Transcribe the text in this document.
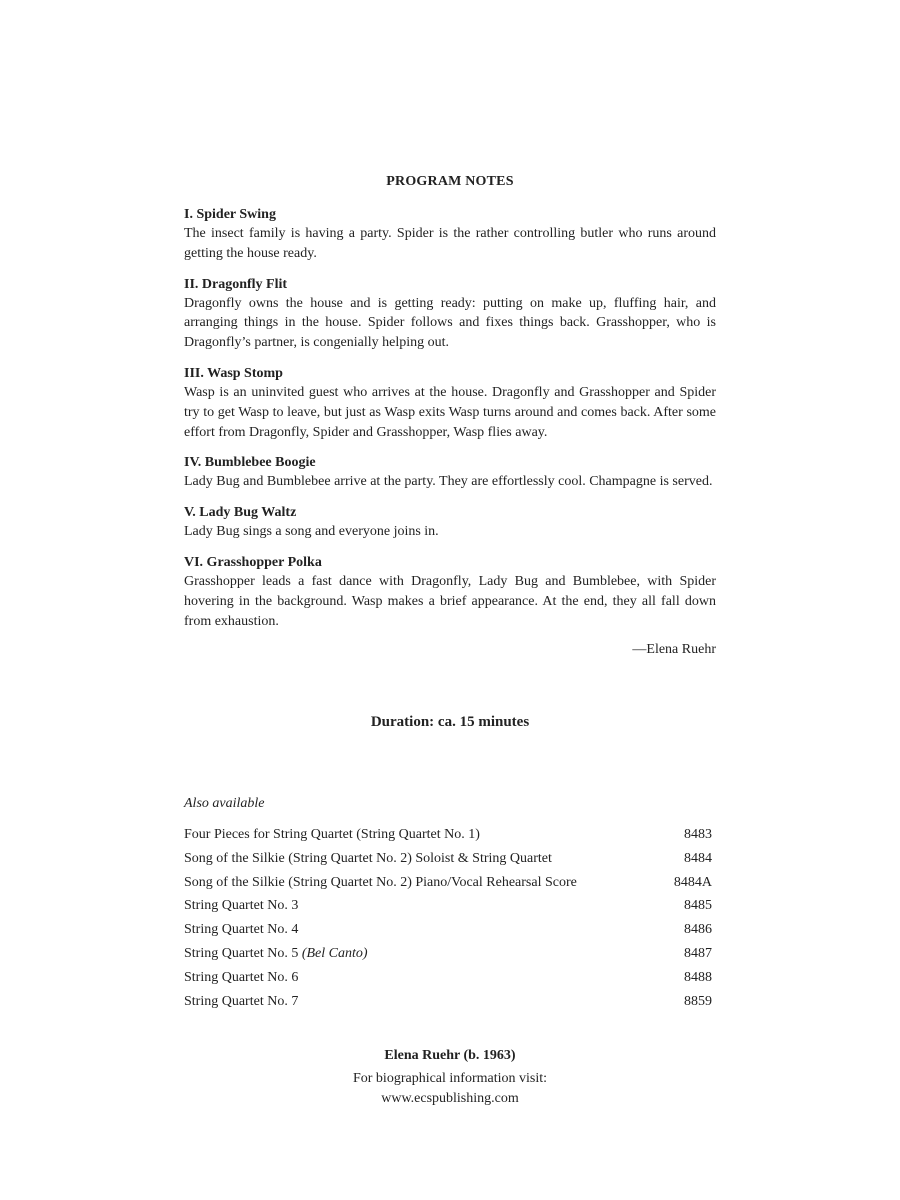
PROGRAM NOTES
I. Spider Swing
The insect family is having a party. Spider is the rather controlling butler who runs around getting the house ready.
II. Dragonfly Flit
Dragonfly owns the house and is getting ready: putting on make up, fluffing hair, and arranging things in the house. Spider follows and fixes things back. Grasshopper, who is Dragonfly’s partner, is congenially helping out.
III. Wasp Stomp
Wasp is an uninvited guest who arrives at the house. Dragonfly and Grasshopper and Spider try to get Wasp to leave, but just as Wasp exits Wasp turns around and comes back. After some effort from Dragonfly, Spider and Grasshopper, Wasp flies away.
IV. Bumblebee Boogie
Lady Bug and Bumblebee arrive at the party. They are effortlessly cool. Champagne is served.
V. Lady Bug Waltz
Lady Bug sings a song and everyone joins in.
VI. Grasshopper Polka
Grasshopper leads a fast dance with Dragonfly, Lady Bug and Bumblebee, with Spider hovering in the background. Wasp makes a brief appearance. At the end, they all fall down from exhaustion.
—Elena Ruehr
Duration: ca. 15 minutes
Also available
Four Pieces for String Quartet (String Quartet No. 1)	8483
Song of the Silkie (String Quartet No. 2) Soloist & String Quartet	8484
Song of the Silkie (String Quartet No. 2) Piano/Vocal Rehearsal Score	8484A
String Quartet No. 3	8485
String Quartet No. 4	8486
String Quartet No. 5 (Bel Canto)	8487
String Quartet No. 6	8488
String Quartet No. 7	8859
Elena Ruehr (b. 1963)
For biographical information visit:
www.ecspublishing.com
